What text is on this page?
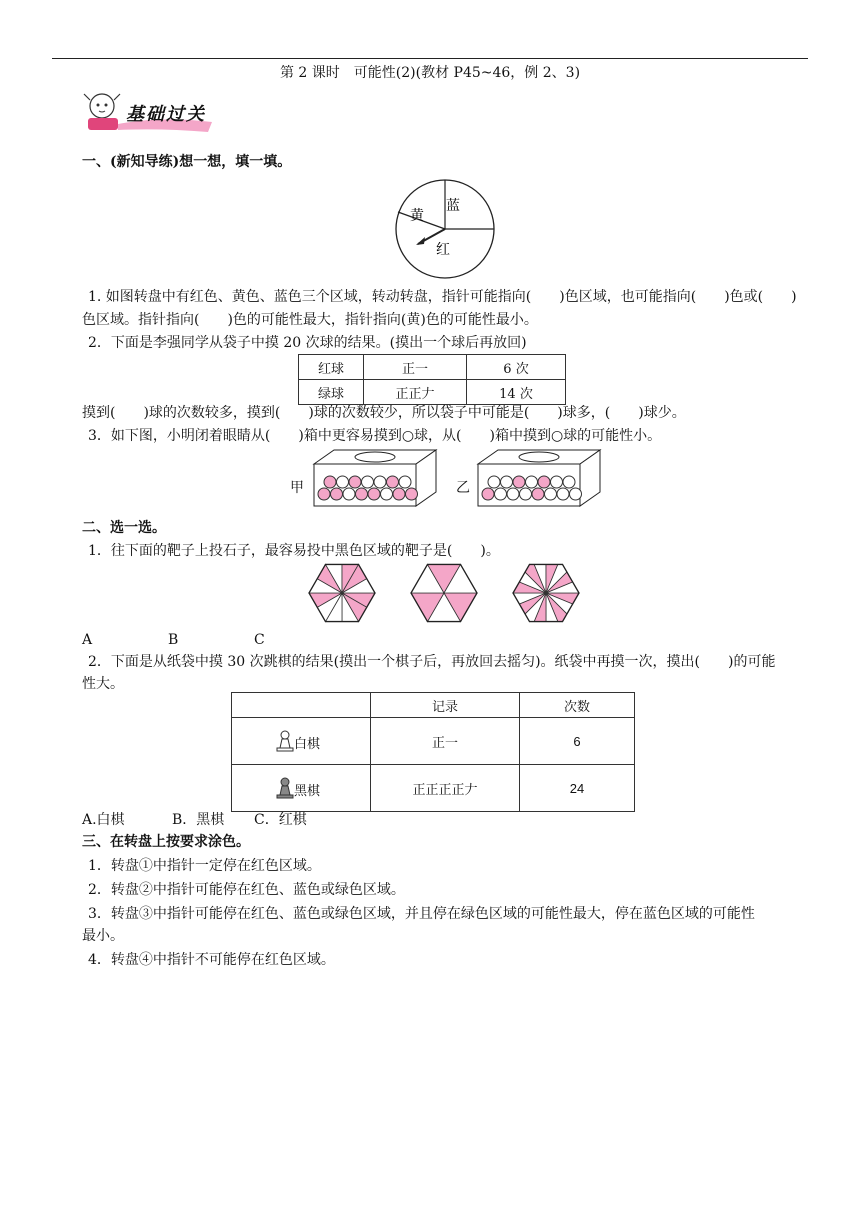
第 2 课时　可能性(2)(教材 P45~46，例 2、3)
基础过关
一、(新知导练)想一想，填一填。
黄
蓝
红
1. 如图转盘中有红色、黄色、蓝色三个区域，转动转盘，指针可能指向(　　)色区域，也可能指向(　　)色或(　　)
色区域。指针指向(　　)色的可能性最大，指针指向(黄)色的可能性最小。
2．下面是李强同学从袋子中摸 20 次球的结果。(摸出一个球后再放回)
红球	正一	6 次
绿球	正正𠂇	14 次
摸到(　　)球的次数较多，摸到(　　)球的次数较少，所以袋子中可能是(　　)球多，(　　)球少。
3．如下图，小明闭着眼睛从(　　)箱中更容易摸到○球，从(　　)箱中摸到○球的可能性小。
甲	乙
二、选一选。
1．往下面的靶子上投石子，最容易投中黑色区域的靶子是(　　)。
A	B	C
2．下面是从纸袋中摸 30 次跳棋的结果(摸出一个棋子后，再放回去摇匀)。纸袋中再摸一次，摸出(　　)的可能
性大。
	记录	次数
白棋	正一	6
黑棋	正正正正𠂇	24
A.白棋	B．黑棋 C．红棋
三、在转盘上按要求涂色。
1．转盘①中指针一定停在红色区域。
2．转盘②中指针可能停在红色、蓝色或绿色区域。
3．转盘③中指针可能停在红色、蓝色或绿色区域，并且停在绿色区域的可能性最大，停在蓝色区域的可能性
最小。
4．转盘④中指针不可能停在红色区域。
